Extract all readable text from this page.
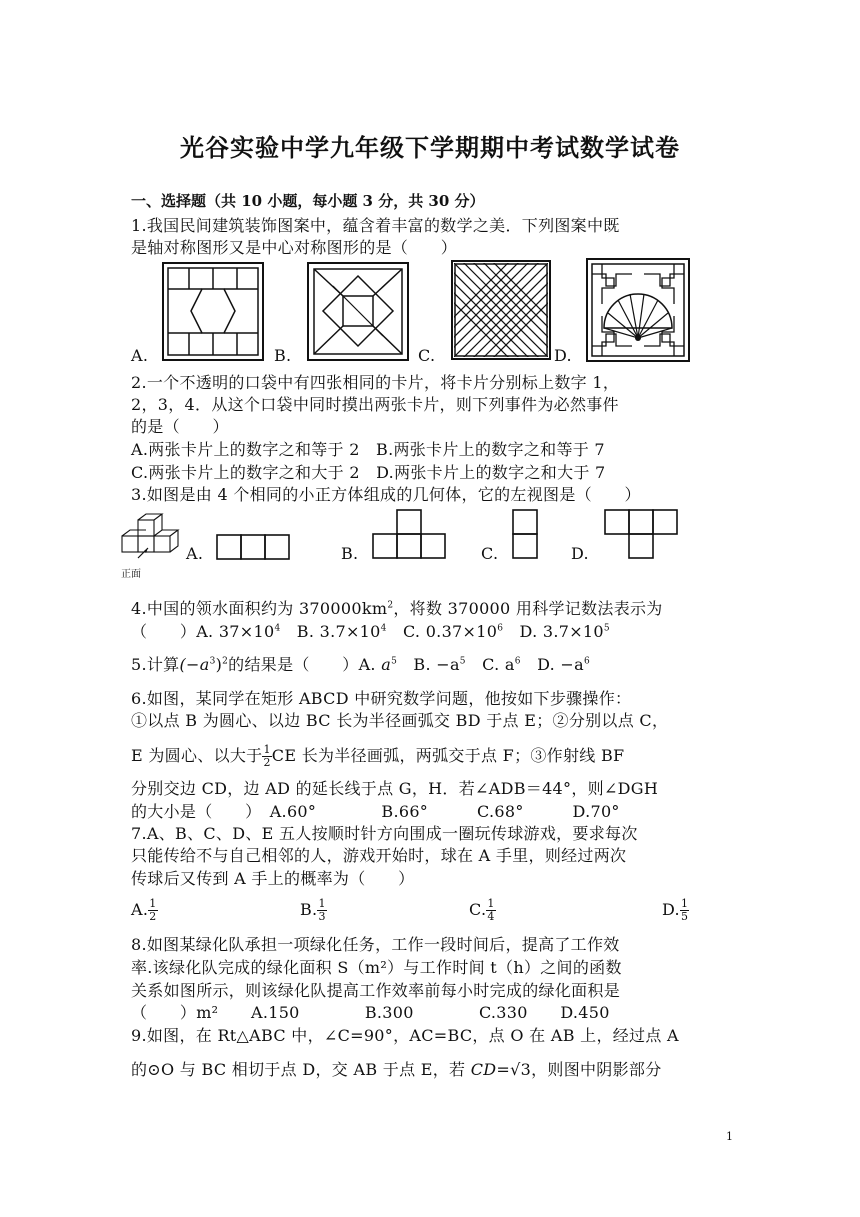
光谷实验中学九年级下学期期中考试数学试卷
一、选择题（共 10 小题，每小题 3 分，共 30 分）
1.我国民间建筑装饰图案中，蕴含着丰富的数学之美．下列图案中既
是轴对称图形又是中心对称图形的是（　　）
A.	B.	C.	D.
2.一个不透明的口袋中有四张相同的卡片，将卡片分别标上数字 1，
2，3，4．从这个口袋中同时摸出两张卡片，则下列事件为必然事件
的是（　　）
A.两张卡片上的数字之和等于 2　B.两张卡片上的数字之和等于 7
C.两张卡片上的数字之和大于 2　D.两张卡片上的数字之和大于 7
3.如图是由 4 个相同的小正方体组成的几何体，它的左视图是（　　）
正面
A.	B.	C.	D.
4.中国的领水面积约为 $370000km^2$，将数 370000 用科学记数法表示为
（　　）A. $37\times 10^4$　B. $3.7\times 10^4$　C. $0.37\times 10^6$　D. $3.7\times 10^5$
5.计算$(-a^3)^2$的结果是（　　）A. $a^5$　 B. $-a^5$　 C. $a^6$　 D. $-a^6$
6.如图，某同学在矩形 ABCD 中研究数学问题，他按如下步骤操作：
①以点 B 为圆心、以边 BC 长为半径画弧交 BD 于点 E；②分别以点 C，
E 为圆心、以大于 $\frac{1}{2}$ CE 长为半径画弧，两弧交于点 F；③作射线 BF
分别交边 CD，边 AD 的延长线于点 G，H．若∠ADB＝44°，则∠DGH
的大小是（　　）　A.60°　　　　B.66°　　　C.68°　　　D.70°
7.A、B、C、D、E 五人按顺时针方向围成一圈玩传球游戏，要求每次
只能传给不与自己相邻的人，游戏开始时，球在 A 手里，则经过两次
传球后又传到 A 手上的概率为（　　）
A. $\frac{1}{2}$	B. $\frac{1}{3}$	C. $\frac{1}{4}$	D. $\frac{1}{5}$
8.如图某绿化队承担一项绿化任务，工作一段时间后，提高了工作效
率.该绿化队完成的绿化面积 S（m²）与工作时间 t（h）之间的函数
关系如图所示，则该绿化队提高工作效率前每小时完成的绿化面积是
（　　）m²　　A.150　　　　B.300　　　　C.330　　D.450
9.如图，在 Rt△ABC 中，∠C=90°，AC=BC，点 O 在 AB 上，经过点 A
的⊙O 与 BC 相切于点 D，交 AB 于点 E，若 CD=√3，则图中阴影部分
1
